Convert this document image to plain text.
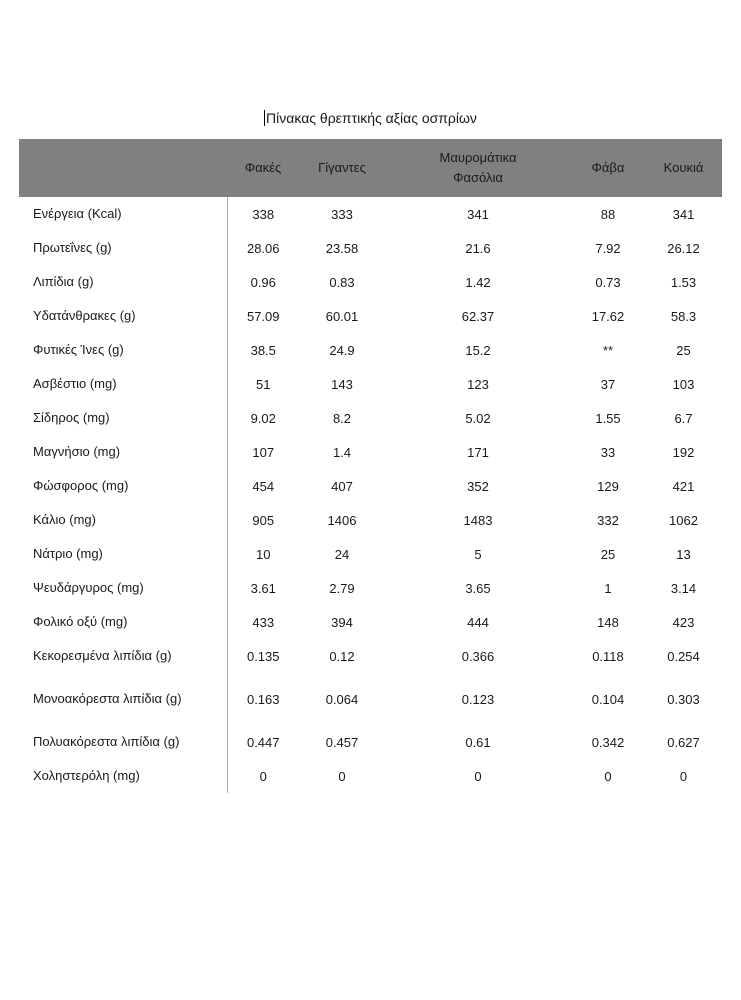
Πίνακας θρεπτικής αξίας οσπρίων
	Φακές	Γίγαντες	Μαυρομάτικα Φασόλια	Φάβα	Κουκιά
Ενέργεια (Kcal)	338	333	341	88	341
Πρωτεΐνες (g)	28.06	23.58	21.6	7.92	26.12
Λιπίδια (g)	0.96	0.83	1.42	0.73	1.53
Υδατάνθρακες (g)	57.09	60.01	62.37	17.62	58.3
Φυτικές Ίνες (g)	38.5	24.9	15.2	**	25
Ασβέστιο (mg)	51	143	123	37	103
Σίδηρος (mg)	9.02	8.2	5.02	1.55	6.7
Μαγνήσιο (mg)	107	1.4	171	33	192
Φώσφορος (mg)	454	407	352	129	421
Κάλιο (mg)	905	1406	1483	332	1062
Νάτριο (mg)	10	24	5	25	13
Ψευδάργυρος (mg)	3.61	2.79	3.65	1	3.14
Φολικό οξύ (mg)	433	394	444	148	423
Κεκορεσμένα λιπίδια (g)	0.135	0.12	0.366	0.118	0.254
Μονοακόρεστα λιπίδια (g)	0.163	0.064	0.123	0.104	0.303
Πολυακόρεστα λιπίδια (g)	0.447	0.457	0.61	0.342	0.627
Χοληστερόλη (mg)	0	0	0	0	0
